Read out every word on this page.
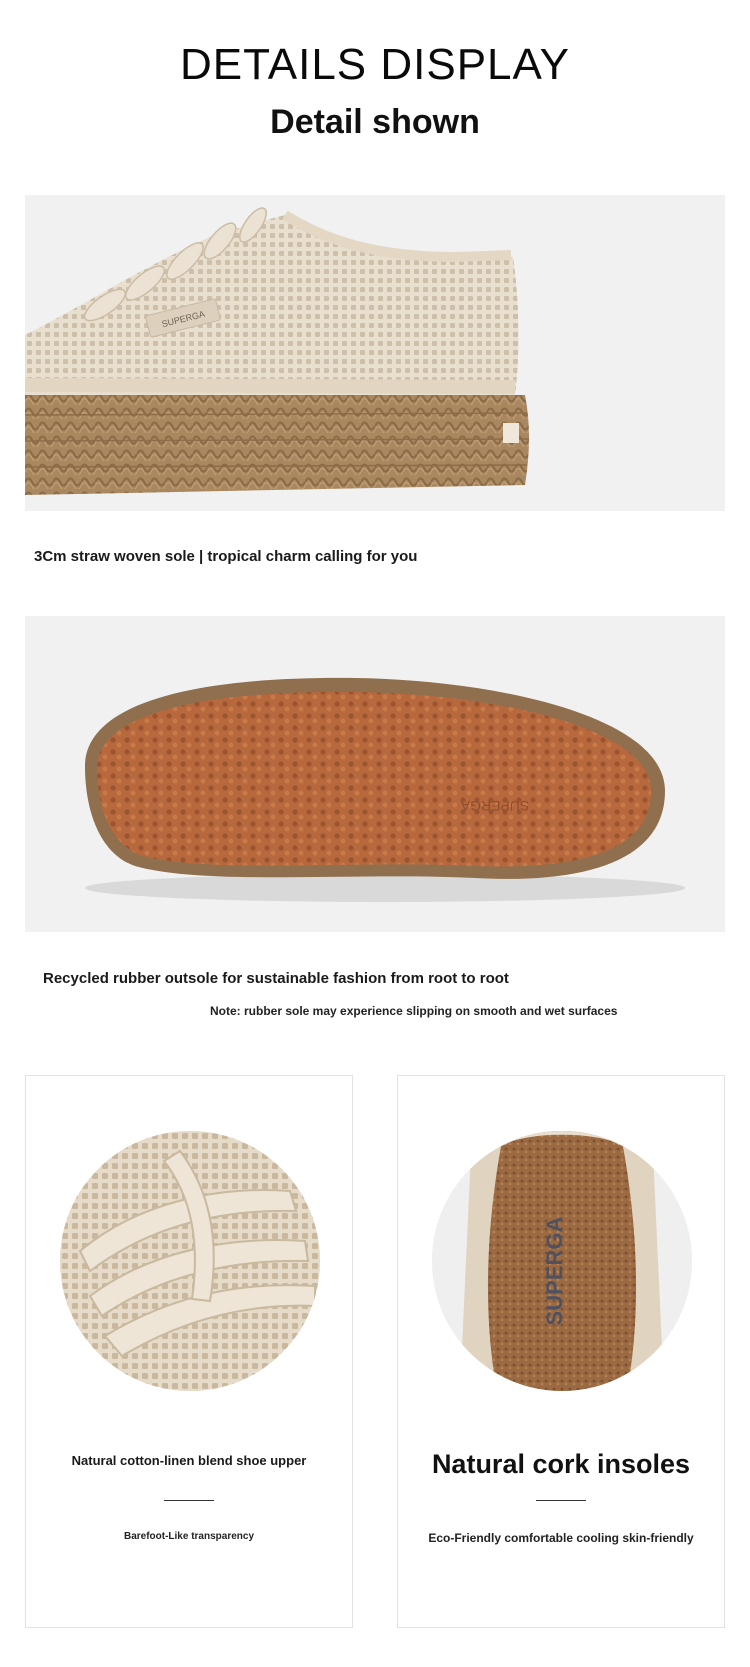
DETAILS DISPLAY
Detail shown
SUPERGA
3Cm straw woven sole | tropical charm calling for you
SUPERGA
Recycled rubber outsole for sustainable fashion from root to root
Note: rubber sole may experience slipping on smooth and wet surfaces
Natural cotton-linen blend shoe upper
Barefoot-Like transparency
SUPERGA
Natural cork insoles
Eco-Friendly comfortable cooling skin-friendly
